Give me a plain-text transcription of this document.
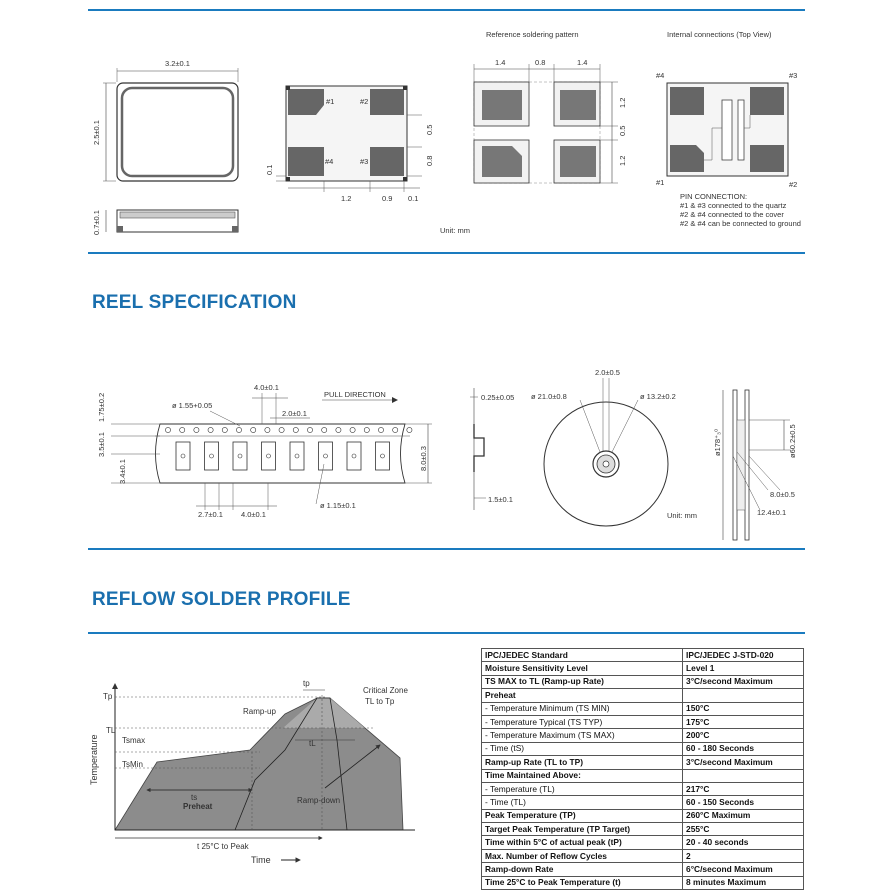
REEL SPECIFICATION
REFLOW SOLDER PROFILE
3.2±0.1
2.5±0.1
0.7±0.1
#1	#2
#4	#3
0.5
0.8
0.1
1.2	0.9 0.1
Unit: mm
Reference soldering pattern
1.4	0.8	1.4
1.2
0.5
1.2
Internal connections (Top View)
#4	#3
#1	#2
PIN CONNECTION:
#1 & #3 connected to the quartz
#2 & #4 connected to the cover
#2 & #4 can be connected to ground
ø 1.55+0.05
4.0±0.1
2.0±0.1
PULL DIRECTION
1.75±0.2
3.5±0.1
3.4±0.1
8.0±0.3
2.7±0.1 4.0±0.1
ø 1.15±0.1
0.25±0.05
1.5±0.1
2.0±0.5
ø 21.0±0.8	ø 13.2±0.2
Unit: mm
ø178⁺₃⁰	ø60.2±0.5
8.0±0.5
12.4±0.1
Tp
TL
Tsmax
TsMin
tp
tL
Ramp-up
Critical Zone
TL to Tp
ts
Preheat
Ramp-down
t 25°C to Peak
Time
Temperature
IPC/JEDEC Standard	IPC/JEDEC J-STD-020
Moisture Sensitivity Level	Level 1
TS MAX to TL (Ramp-up Rate)	3°C/second Maximum
Preheat	
- Temperature Minimum (TS MIN)	150°C
- Temperature Typical (TS TYP)	175°C
- Temperature Maximum (TS MAX)	200°C
- Time (tS)	60 - 180 Seconds
Ramp-up Rate (TL to TP)	3°C/second Maximum
Time Maintained Above:	
- Temperature (TL)	217°C
- Time (TL)	60 - 150 Seconds
Peak Temperature (TP)	260°C Maximum
Target Peak Temperature (TP Target)	255°C
Time within 5°C of actual peak (tP)	20 - 40 seconds
Max. Number of Reflow Cycles	2
Ramp-down Rate	6°C/second Maximum
Time 25°C to Peak Temperature (t)	8 minutes Maximum
